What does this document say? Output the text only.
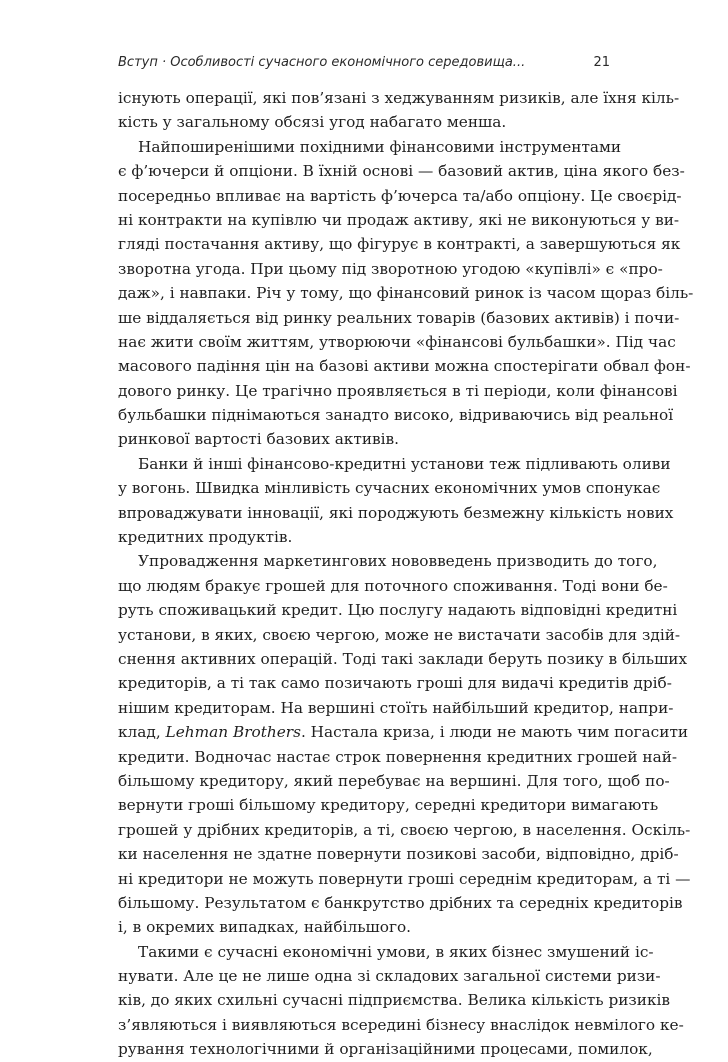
Вступ · Особливості сучасного економічного середовища...	21
існують операції, які пов’язані з хеджуванням ризиків, але їхня кіль-
кість у загальному обсязі угод набагато менша.
Найпоширенішими похідними фінансовими інструментами
є ф’ючерси й опціони. В їхній основі — базовий актив, ціна якого без-
посередньо впливає на вартість ф’ючерса та/або опціону. Це своєрід-
ні контракти на купівлю чи продаж активу, які не виконуються у ви-
гляді постачання активу, що фігурує в контракті, а завершуються як
зворотна угода. При цьому під зворотною угодою «купівлі» є «про-
даж», і навпаки. Річ у тому, що фінансовий ринок із часом щораз біль-
ше віддаляється від ринку реальних товарів (базових активів) і почи-
нає жити своїм життям, утворюючи «фінансові бульбашки». Під час
масового падіння цін на базові активи можна спостерігати обвал фон-
дового ринку. Це трагічно проявляється в ті періоди, коли фінансові
бульбашки піднімаються занадто високо, відриваючись від реальної
ринкової вартості базових активів.
Банки й інші фінансово-кредитні установи теж підливають оливи
у вогонь. Швидка мінливість сучасних економічних умов спонукає
впроваджувати інновації, які породжують безмежну кількість нових
кредитних продуктів.
Упровадження маркетингових нововведень призводить до того,
що людям бракує грошей для поточного споживання. Тоді вони бе-
руть споживацький кредит. Цю послугу надають відповідні кредитні
установи, в яких, своєю чергою, може не вистачати засобів для здій-
снення активних операцій. Тоді такі заклади беруть позику в більших
кредиторів, а ті так само позичають гроші для видачі кредитів дріб-
нішим кредиторам. На вершині стоїть найбільший кредитор, напри-
клад, Lehman Brothers. Настала криза, і люди не мають чим погасити
кредити. Водночас настає строк повернення кредитних грошей най-
більшому кредитору, який перебуває на вершині. Для того, щоб по-
вернути гроші більшому кредитору, середні кредитори вимагають
грошей у дрібних кредиторів, а ті, своєю чергою, в населення. Оскіль-
ки населення не здатне повернути позикові засоби, відповідно, дріб-
ні кредитори не можуть повернути гроші середнім кредиторам, а ті —
більшому. Результатом є банкрутство дрібних та середніх кредиторів
і, в окремих випадках, найбільшого.
Такими є сучасні економічні умови, в яких бізнес змушений іс-
нувати. Але це не лише одна зі складових загальної системи ризи-
ків, до яких схильні сучасні підприємства. Велика кількість ризиків
з’являються і виявляються всередині бізнесу внаслідок невмілого ке-
рування технологічними й організаційними процесами, помилок,
